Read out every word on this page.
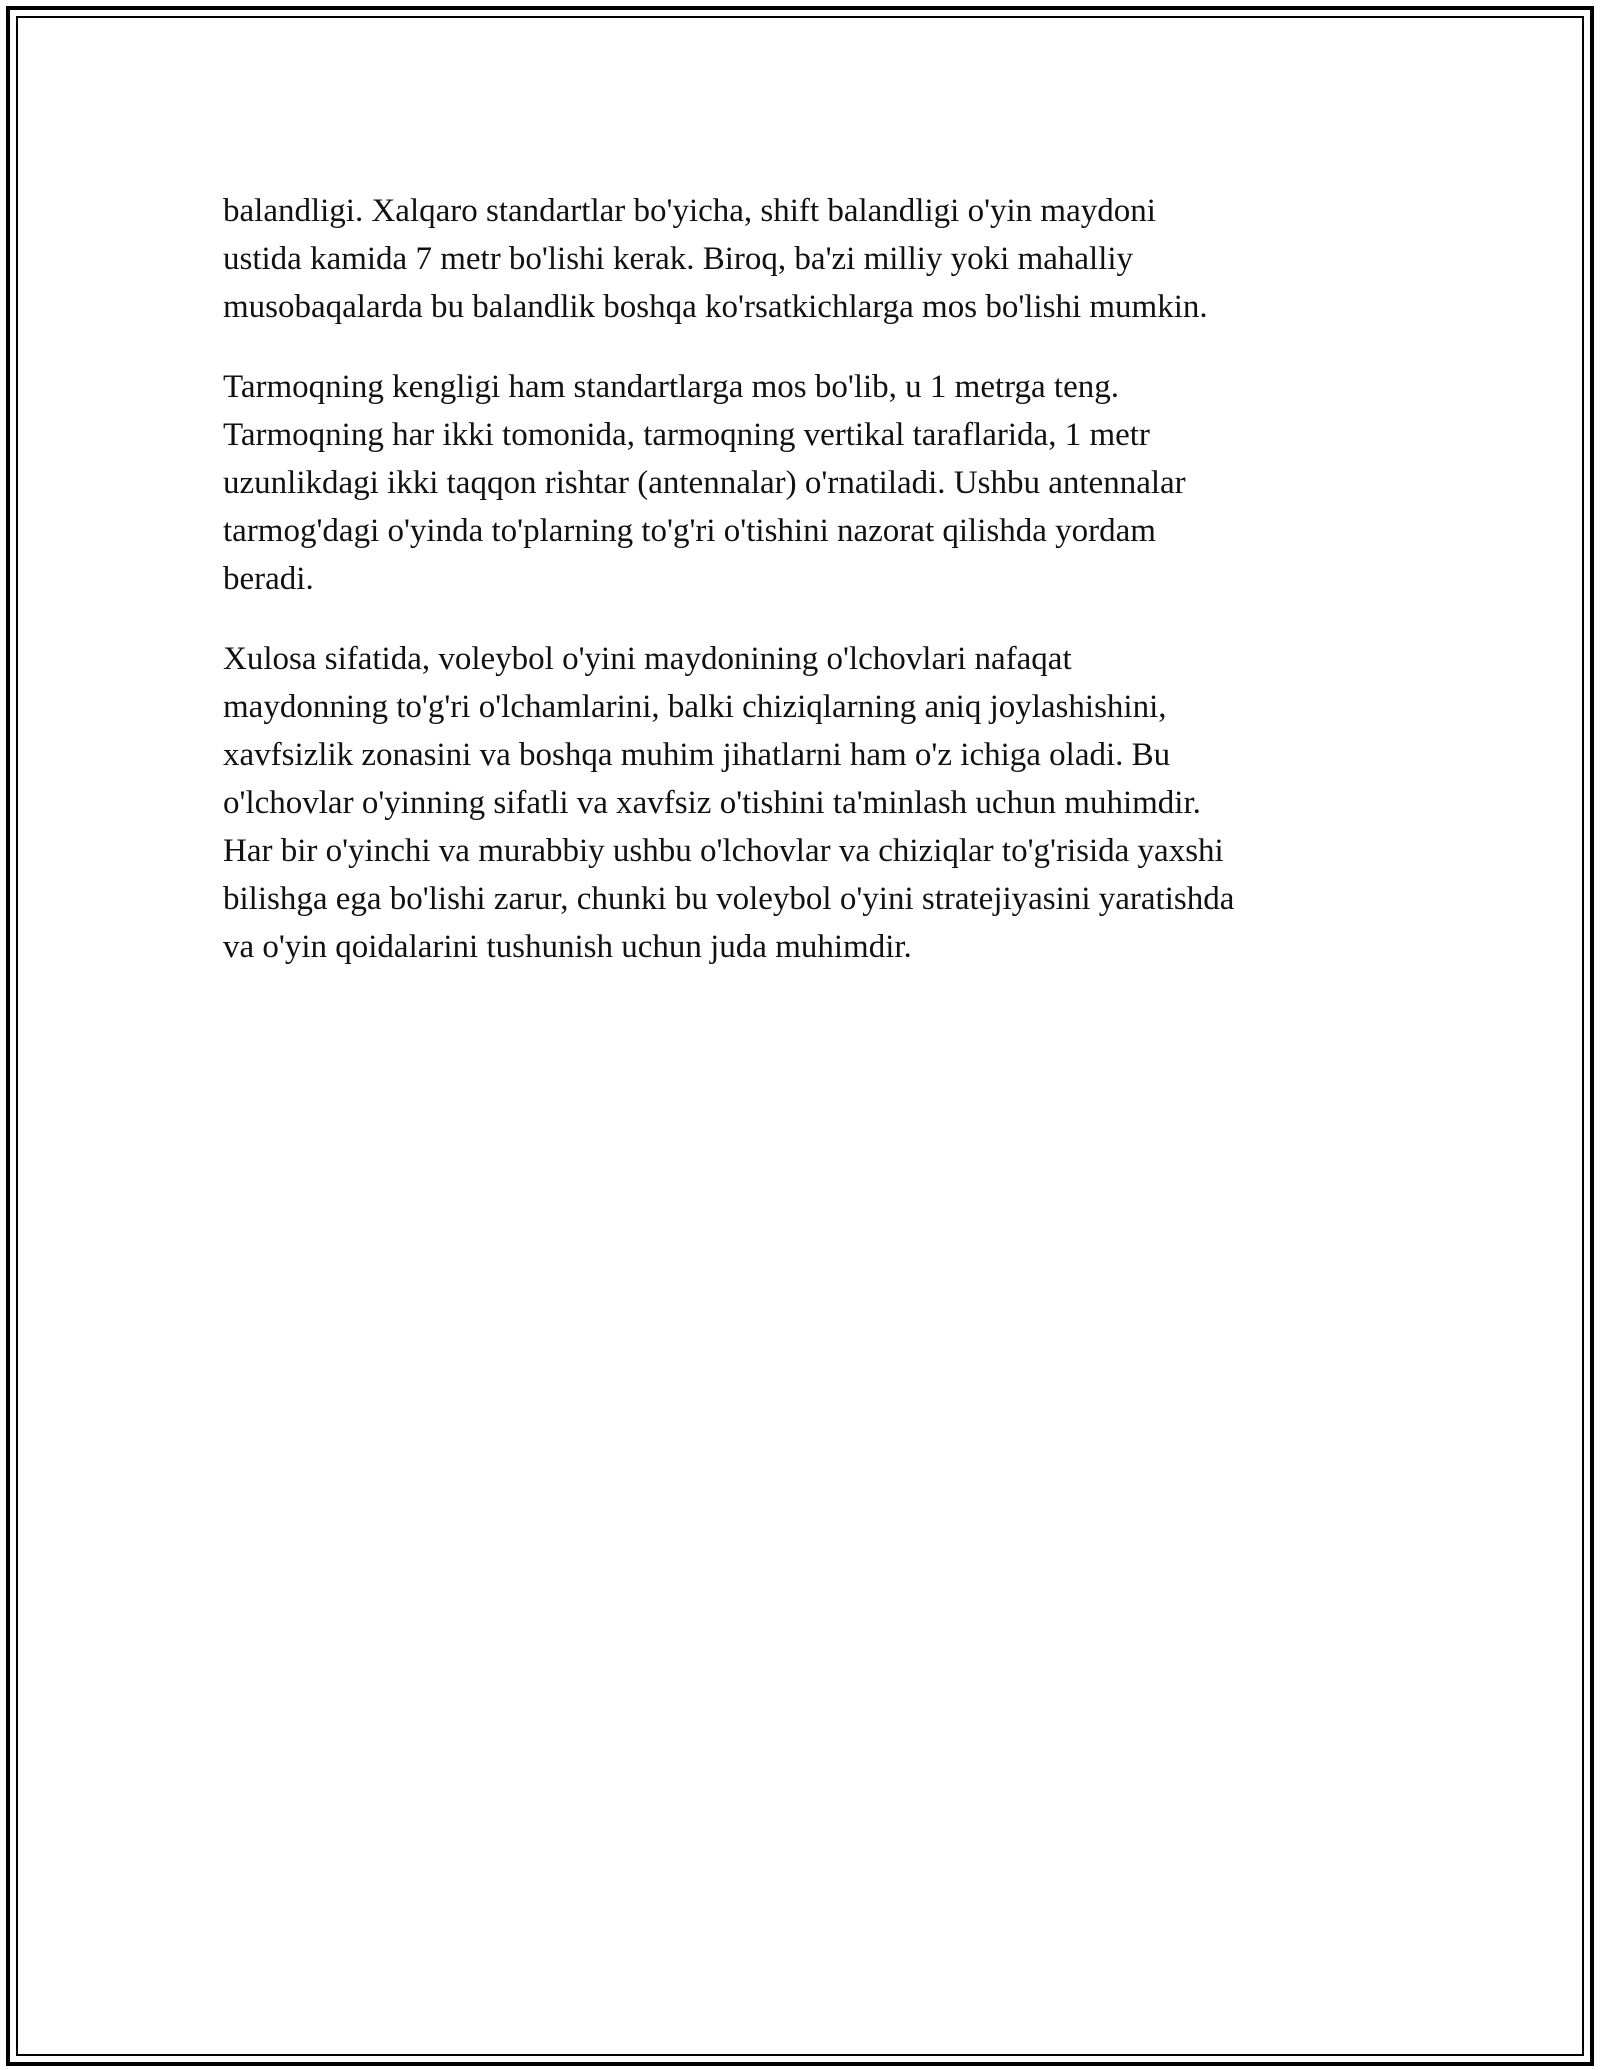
balandligi. Xalqaro standartlar bo'yicha, shift balandligi o'yin maydoni
ustida kamida 7 metr bo'lishi kerak. Biroq, ba'zi milliy yoki mahalliy
musobaqalarda bu balandlik boshqa ko'rsatkichlarga mos bo'lishi mumkin.
Tarmoqning kengligi ham standartlarga mos bo'lib, u 1 metrga teng.
Tarmoqning har ikki tomonida, tarmoqning vertikal taraflarida, 1 metr
uzunlikdagi ikki taqqon rishtar (antennalar) o'rnatiladi. Ushbu antennalar
tarmog'dagi o'yinda to'plarning to'g'ri o'tishini nazorat qilishda yordam
beradi.
Xulosa sifatida, voleybol o'yini maydonining o'lchovlari nafaqat
maydonning to'g'ri o'lchamlarini, balki chiziqlarning aniq joylashishini,
xavfsizlik zonasini va boshqa muhim jihatlarni ham o'z ichiga oladi. Bu
o'lchovlar o'yinning sifatli va xavfsiz o'tishini ta'minlash uchun muhimdir.
Har bir o'yinchi va murabbiy ushbu o'lchovlar va chiziqlar to'g'risida yaxshi
bilishga ega bo'lishi zarur, chunki bu voleybol o'yini stratejiyasini yaratishda
va o'yin qoidalarini tushunish uchun juda muhimdir.
